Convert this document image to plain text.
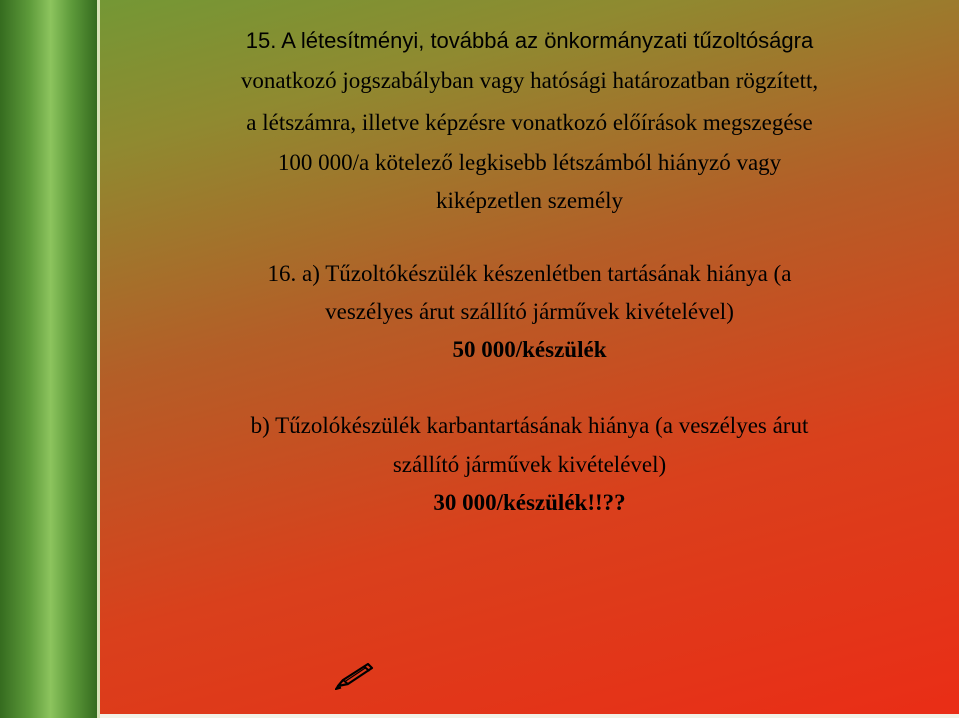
15. A létesítményi, továbbá az önkormányzati tűzoltóságra
vonatkozó jogszabályban vagy hatósági határozatban rögzített,
a létszámra, illetve képzésre vonatkozó előírások megszegése
100 000/a kötelező legkisebb létszámból hiányzó vagy
kiképzetlen személy
16. a) Tűzoltókészülék készenlétben tartásának hiánya (a
veszélyes árut szállító járművek kivételével)
50 000/készülék
b) Tűzolókészülék karbantartásának hiánya (a veszélyes árut
szállító járművek kivételével)
30 000/készülék!!??
